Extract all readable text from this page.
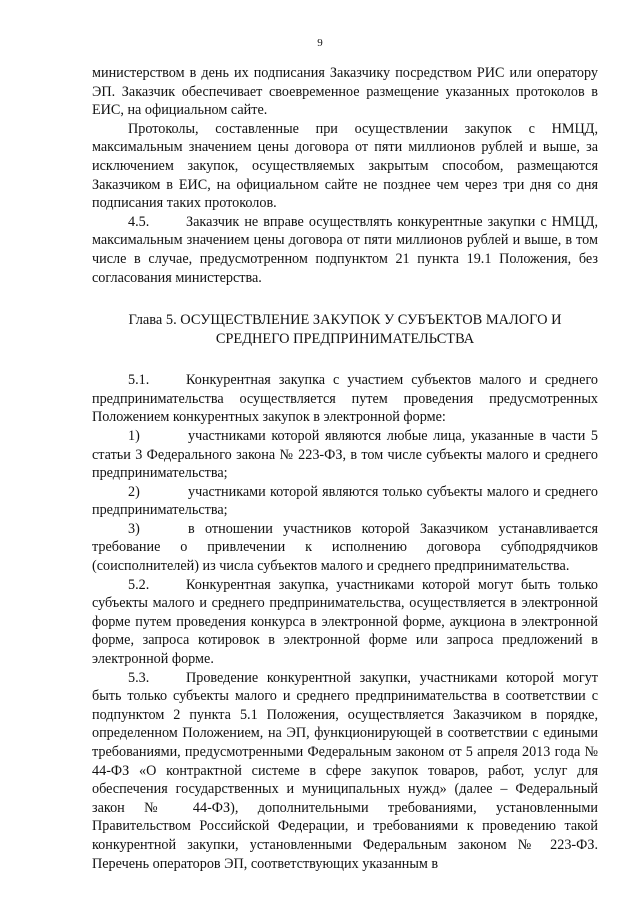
9

министерством в день их подписания Заказчику посредством РИС или оператору ЭП. Заказчик обеспечивает своевременное размещение указанных протоколов в ЕИС, на официальном сайте.

Протоколы, составленные при осуществлении закупок с НМЦД, максимальным значением цены договора от пяти миллионов рублей и выше, за исключением закупок, осуществляемых закрытым способом, размещаются Заказчиком в ЕИС, на официальном сайте не позднее чем через три дня со дня подписания таких протоколов.

4.5.	Заказчик не вправе осуществлять конкурентные закупки с НМЦД, максимальным значением цены договора от пяти миллионов рублей и выше, в том числе в случае, предусмотренном подпунктом 21 пункта 19.1 Положения, без согласования министерства.

Глава 5. ОСУЩЕСТВЛЕНИЕ ЗАКУПОК У СУБЪЕКТОВ МАЛОГО И
СРЕДНЕГО ПРЕДПРИНИМАТЕЛЬСТВА

5.1.	Конкурентная закупка с участием субъектов малого и среднего предпринимательства осуществляется путем проведения предусмотренных Положением конкурентных закупок в электронной форме:

1)	участниками которой являются любые лица, указанные в части 5 статьи 3 Федерального закона № 223-ФЗ, в том числе субъекты малого и среднего предпринимательства;

2)	участниками которой являются только субъекты малого и среднего предпринимательства;

3)	в отношении участников которой Заказчиком устанавливается требование о привлечении к исполнению договора субподрядчиков (соисполнителей) из числа субъектов малого и среднего предпринимательства.

5.2.	Конкурентная закупка, участниками которой могут быть только субъекты малого и среднего предпринимательства, осуществляется в электронной форме путем проведения конкурса в электронной форме, аукциона в электронной форме, запроса котировок в электронной форме или запроса предложений в электронной форме.

5.3.	Проведение конкурентной закупки, участниками которой могут быть только субъекты малого и среднего предпринимательства в соответствии с подпунктом 2 пункта 5.1 Положения, осуществляется Заказчиком в порядке, определенном Положением, на ЭП, функционирующей в соответствии с едиными требованиями, предусмотренными Федеральным законом от 5 апреля 2013 года № 44-ФЗ «О контрактной системе в сфере закупок товаров, работ, услуг для обеспечения государственных и муниципальных нужд» (далее – Федеральный закон № 44-ФЗ), дополнительными требованиями, установленными Правительством Российской Федерации, и требованиями к проведению такой конкурентной закупки, установленными Федеральным законом № 223-ФЗ. Перечень операторов ЭП, соответствующих указанным в
